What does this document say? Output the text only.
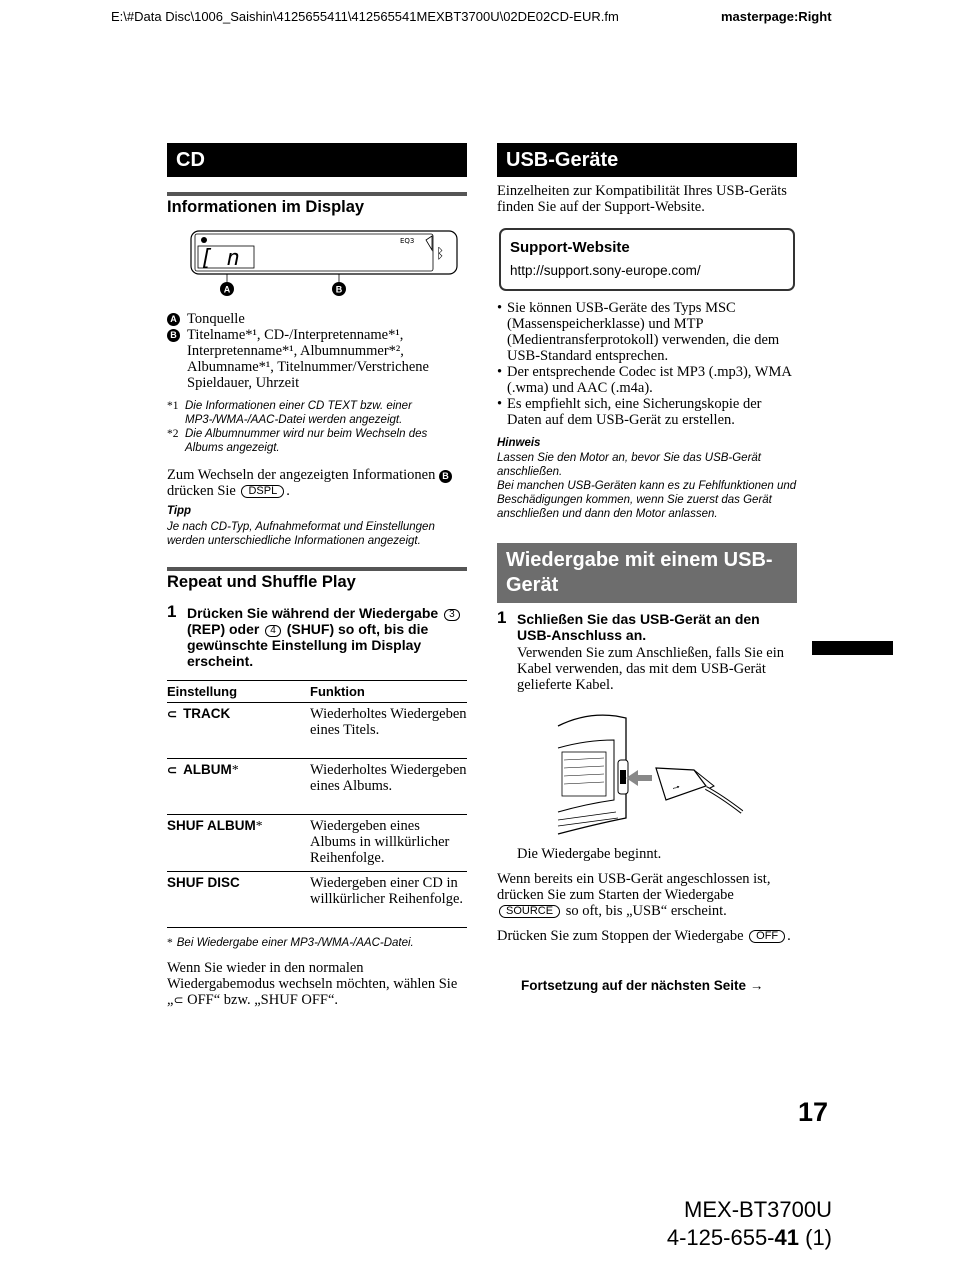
E:\#Data Disc\1006_Saishin\4125655411\412565541MEXBT3700U\02DE02CD-EUR.fm	masterpage:Right
CD
Informationen im Display
[ n
EQ3
ᛒ
A	B
A Tonquelle
B Titelname*¹, CD-/Interpretenname*¹, Interpretenname*¹, Albumnummer*², Albumname*¹, Titelnummer/Verstrichene Spieldauer, Uhrzeit
*1 Die Informationen einer CD TEXT bzw. einer MP3-/WMA-/AAC-Datei werden angezeigt.
*2 Die Albumnummer wird nur beim Wechseln des Albums angezeigt.
Zum Wechseln der angezeigten Informationen Bdrücken Sie DSPL .
Tipp
Je nach CD-Typ, Aufnahmeformat und Einstellungen werden unterschiedliche Informationen angezeigt.
Repeat und Shuffle Play
1 Drücken Sie während der Wiedergabe 3 (REP) oder 4 (SHUF) so oft, bis die gewünschte Einstellung im Display erscheint.
Einstellung	Funktion
⊂ TRACK	Wiederholtes Wiedergeben eines Titels.
⊂ ALBUM*	Wiederholtes Wiedergeben eines Albums.
SHUF ALBUM*	Wiedergeben eines Albums in willkürlicher Reihenfolge.
SHUF DISC	Wiedergeben einer CD in willkürlicher Reihenfolge.
* Bei Wiedergabe einer MP3-/WMA-/AAC-Datei.
Wenn Sie wieder in den normalen Wiedergabemodus wechseln möchten, wählen Sie „⊂ OFF“ bzw. „SHUF OFF“.
USB-Geräte
Einzelheiten zur Kompatibilität Ihres USB-Geräts finden Sie auf der Support-Website.
Support-Website
http://support.sony-europe.com/
• Sie können USB-Geräte des Typs MSC (Massenspeicherklasse) und MTP (Medientransferprotokoll) verwenden, die dem USB-Standard entsprechen.
• Der entsprechende Codec ist MP3 (.mp3), WMA (.wma) und AAC (.m4a).
• Es empfiehlt sich, eine Sicherungskopie der Daten auf dem USB-Gerät zu erstellen.
Hinweis
Lassen Sie den Motor an, bevor Sie das USB-Gerät anschließen.
Bei manchen USB-Geräten kann es zu Fehlfunktionen und Beschädigungen kommen, wenn Sie zuerst das Gerät anschließen und dann den Motor anlassen.
Wiedergabe mit einem USB-Gerät
1 Schließen Sie das USB-Gerät an den USB-Anschluss an.
Verwenden Sie zum Anschließen, falls Sie ein Kabel verwenden, das mit dem USB-Gerät gelieferte Kabel.
⭬
Die Wiedergabe beginnt.
Wenn bereits ein USB-Gerät angeschlossen ist, drücken Sie zum Starten der Wiedergabe SOURCE so oft, bis „USB“ erscheint.
Drücken Sie zum Stoppen der Wiedergabe OFF .
Fortsetzung auf der nächsten Seite →
17
MEX-BT3700U
4-125-655-41 (1)
